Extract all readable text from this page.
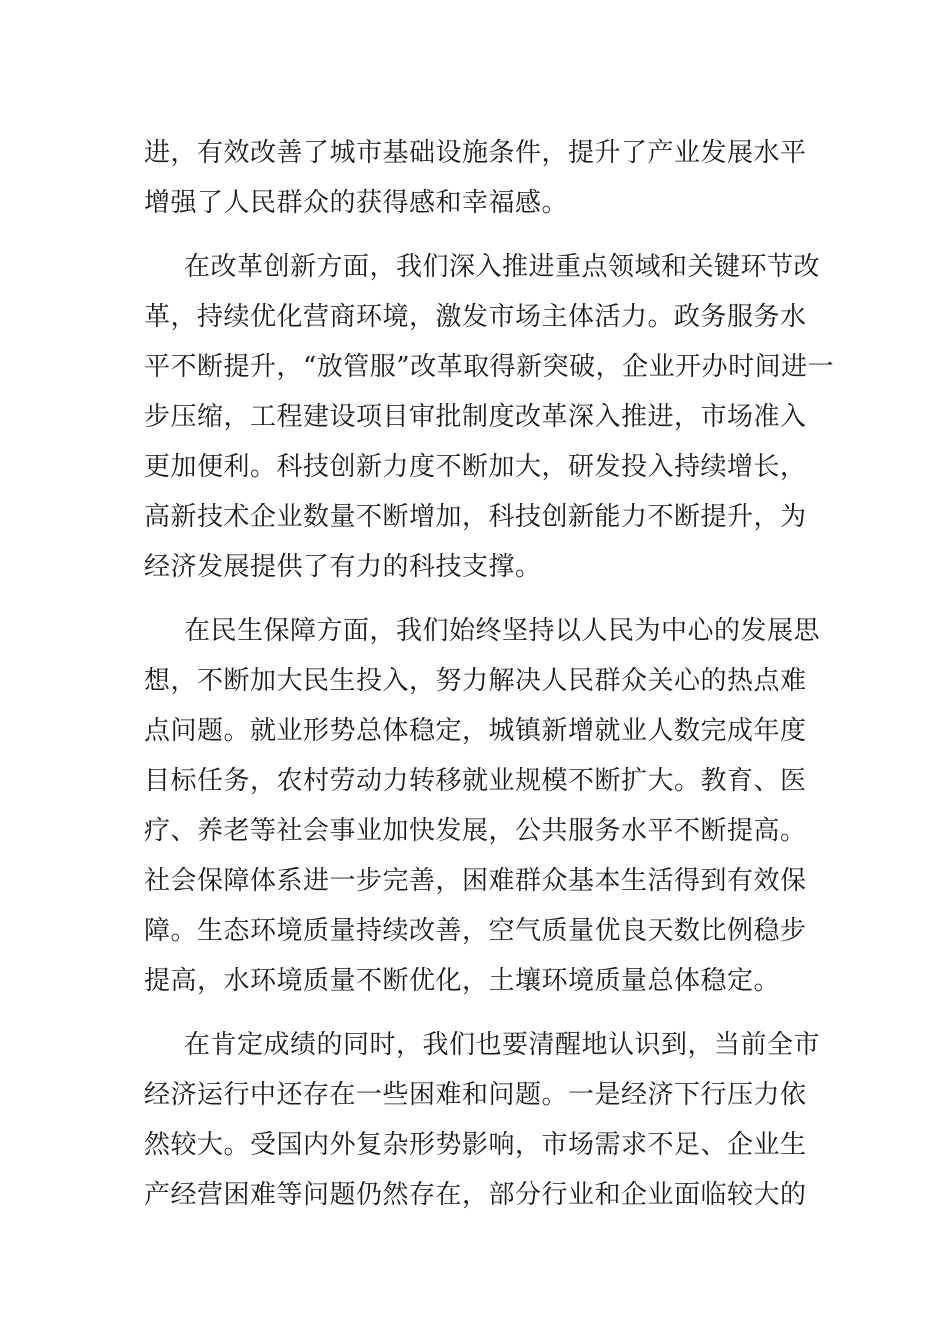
进，有效改善了城市基础设施条件，提升了产业发展水平
增强了人民群众的获得感和幸福感。
在改革创新方面，我们深入推进重点领域和关键环节改
革，持续优化营商环境，激发市场主体活力。政务服务水
平不断提升，“放管服”改革取得新突破，企业开办时间进一
步压缩，工程建设项目审批制度改革深入推进，市场准入
更加便利。科技创新力度不断加大，研发投入持续增长，
高新技术企业数量不断增加，科技创新能力不断提升，为
经济发展提供了有力的科技支撑。
在民生保障方面，我们始终坚持以人民为中心的发展思
想，不断加大民生投入，努力解决人民群众关心的热点难
点问题。就业形势总体稳定，城镇新增就业人数完成年度
目标任务，农村劳动力转移就业规模不断扩大。教育、医
疗、养老等社会事业加快发展，公共服务水平不断提高。
社会保障体系进一步完善，困难群众基本生活得到有效保
障。生态环境质量持续改善，空气质量优良天数比例稳步
提高，水环境质量不断优化，土壤环境质量总体稳定。
在肯定成绩的同时，我们也要清醒地认识到，当前全市
经济运行中还存在一些困难和问题。一是经济下行压力依
然较大。受国内外复杂形势影响，市场需求不足、企业生
产经营困难等问题仍然存在，部分行业和企业面临较大的
